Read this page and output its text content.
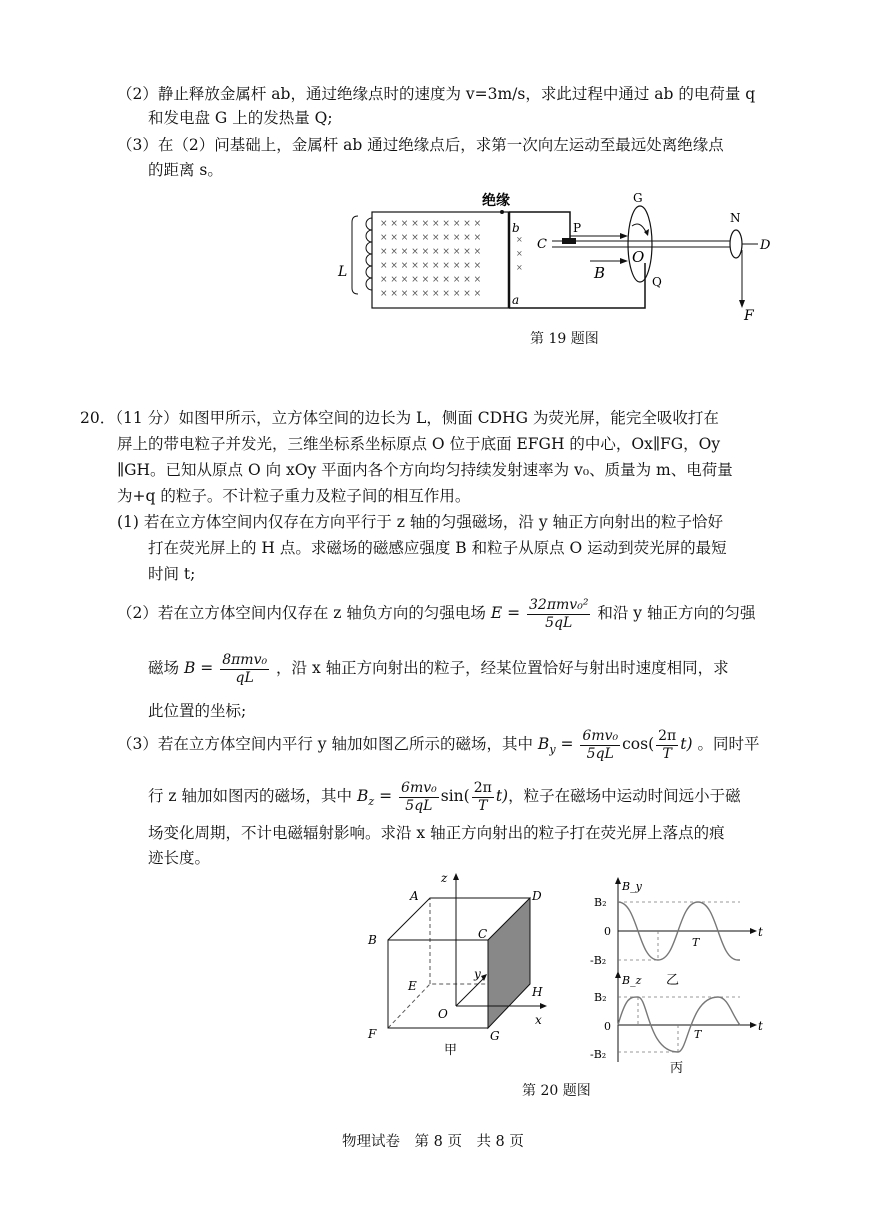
（2）静止释放金属杆 ab，通过绝缘点时的速度为 v=3m/s，求此过程中通过 ab 的电荷量 q
和发电盘 G 上的发热量 Q;
（3）在（2）问基础上，金属杆 ab 通过绝缘点后，求第一次向左运动至最远处离绝缘点
的距离 s。
L
× × × × × × × × × ×
× × × × × × × × × ×
× × × × × × × × × ×
× × × × × × × × × ×
× × × × × × × × × ×
× × × × × × × × × ×
绝缘
b
a
×
×
×
P
Q
C
B
G
O
N
D
F
第 19 题图
20．（11 分）如图甲所示，立方体空间的边长为 L，侧面 CDHG 为荧光屏，能完全吸收打在
屏上的带电粒子并发光，三维坐标系坐标原点 O 位于底面 EFGH 的中心，Ox∥FG，Oy
∥GH。已知从原点 O 向 xOy 平面内各个方向均匀持续发射速率为 v₀、质量为 m、电荷量
为+q 的粒子。不计粒子重力及粒子间的相互作用。
(1) 若在立方体空间内仅存在方向平行于 z 轴的匀强磁场，沿 y 轴正方向射出的粒子恰好
打在荧光屏上的 H 点。求磁场的磁感应强度 B 和粒子从原点 O 运动到荧光屏的最短
时间 t;
（2）若在立方体空间内仅存在 z 轴负方向的匀强电场 $E = \frac{\text{32πmv₀²}}{5qL}$ 和沿 y 轴正方向的匀强
磁场 $B = \frac{\text{8πmv₀}}{qL}$ ，沿 x 轴正方向射出的粒子，经某位置恰好与射出时速度相同，求
此位置的坐标;
（3）若在立方体空间内平行 y 轴加如图乙所示的磁场，其中 $B_y = \frac{\text{6mv₀}}{5qL} \cos( \frac{2\pi}{T} t)$ 。同时平
行 z 轴加如图丙的磁场，其中 $B_z = \frac{\text{6mv₀}}{5qL} \sin( \frac{2\pi}{T} t)$，粒子在磁场中运动时间远小于磁
场变化周期，不计电磁辐射影响。求沿 x 轴正方向射出的粒子打在荧光屏上落点的痕
迹长度。
z
x
y
O
A	D
B	C
E	H
F	G
甲
B_y
B₂
0
-B₂
T
t
乙
B_z
B₂
0
-B₂
T
t
丙
第 20 题图
物理试卷　第 8 页　共 8 页
